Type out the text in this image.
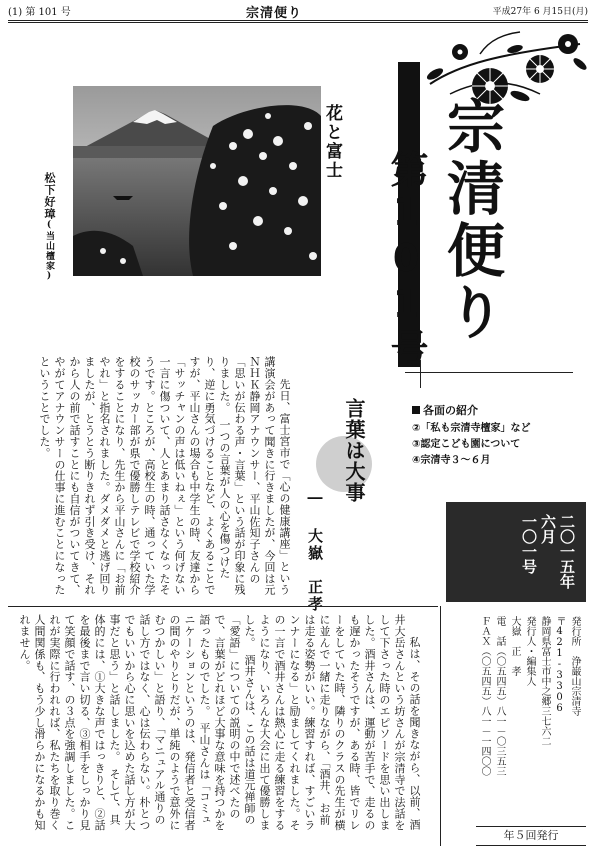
(1) 第 101 号	宗清便り	平成27年 6 月15日(月)
宗清便り
第101号
花と富士
松下好璋(当山檀家)
各面の紹介
②「私も宗清寺檀家」など
③認定こども園について
④宗清寺３～６月
二〇一五年
六月
一〇一号
言葉は大事
― 大嶽　正孝

　先日、富士宮市で「心の健康講座」という講演会があって聞きに行きましたが、今回は元ＮＨＫ静岡アナウンサー、平山佐知子さんの「思いが伝わる声・言葉」という話が印象に残りました。　一つの言葉が人の心を傷つけたり、逆に勇気づけることなど、よくあることですが、平山さんの場合も中学生の時、友達から「サッチャンの声は低いねぇ」という何げない一言に傷ついて、人とあまり話さなくなったそうです。ところが、高校生の時、通っていた学校のサッカー部が県で優勝しテレビで学校紹介をすることになり、先生から平山さんに「お前やれ」と指名されました。ダメダメと逃げ回りましたが、とうとう断りきれず引き受け、それから人の前で話すことにも自信がついてきて、やがてアナウンサーの仕事に進むことになったということでした。

　私は、その話を聞きながら、以前、酒井大岳さんという坊さんが宗清寺で法話をして下さった時のエピソードを思い出しました。酒井さんは、運動が苦手で、走るのも遅かったそうですが、ある時、皆でリレーをしていた時、隣りのクラスの先生が横に並んで一緒に走りながら、「酒井、お前は走る姿勢がいい。練習すれば、すごいランナーになる」と励ましてくれました。その一言で酒井さんは熱心に走る練習をするようになり、いろんな大会に出て優勝しました。　酒井さんは、この話は道元禅師の「愛語」についての説明の中で述べたので、言葉がどれほど大事な意味を持つかを語ったものでした。　平山さんは「コミュニケーションというのは、発信者と受信者の間のやりとりだが、単純のようで意外にむつかしい」と語り、「マニュアル通りの話し方ではなく、心は伝わらない。朴とつでもいいから心に思いを込めた話し方が大事だと思う」と話しました。　そして、具体的には、①大きな声ではっきりと、②話を最後まで言い切る、③相手をしっかり見て笑顔で話す、の３点を強調しました。これが実際に行われれば、私たちを取り巻く人間関係も、もう少し滑らかになるかも知れません。	発行所　浄巌山宗清寺
〒421-3306
静岡県富士市中之郷三七六二
発行人・編集人
大嶽　正　孝
電　話（〇五四五）八一－〇三五三
ＦＡＸ（〇五四五）八一－一四〇〇
年５回発行
